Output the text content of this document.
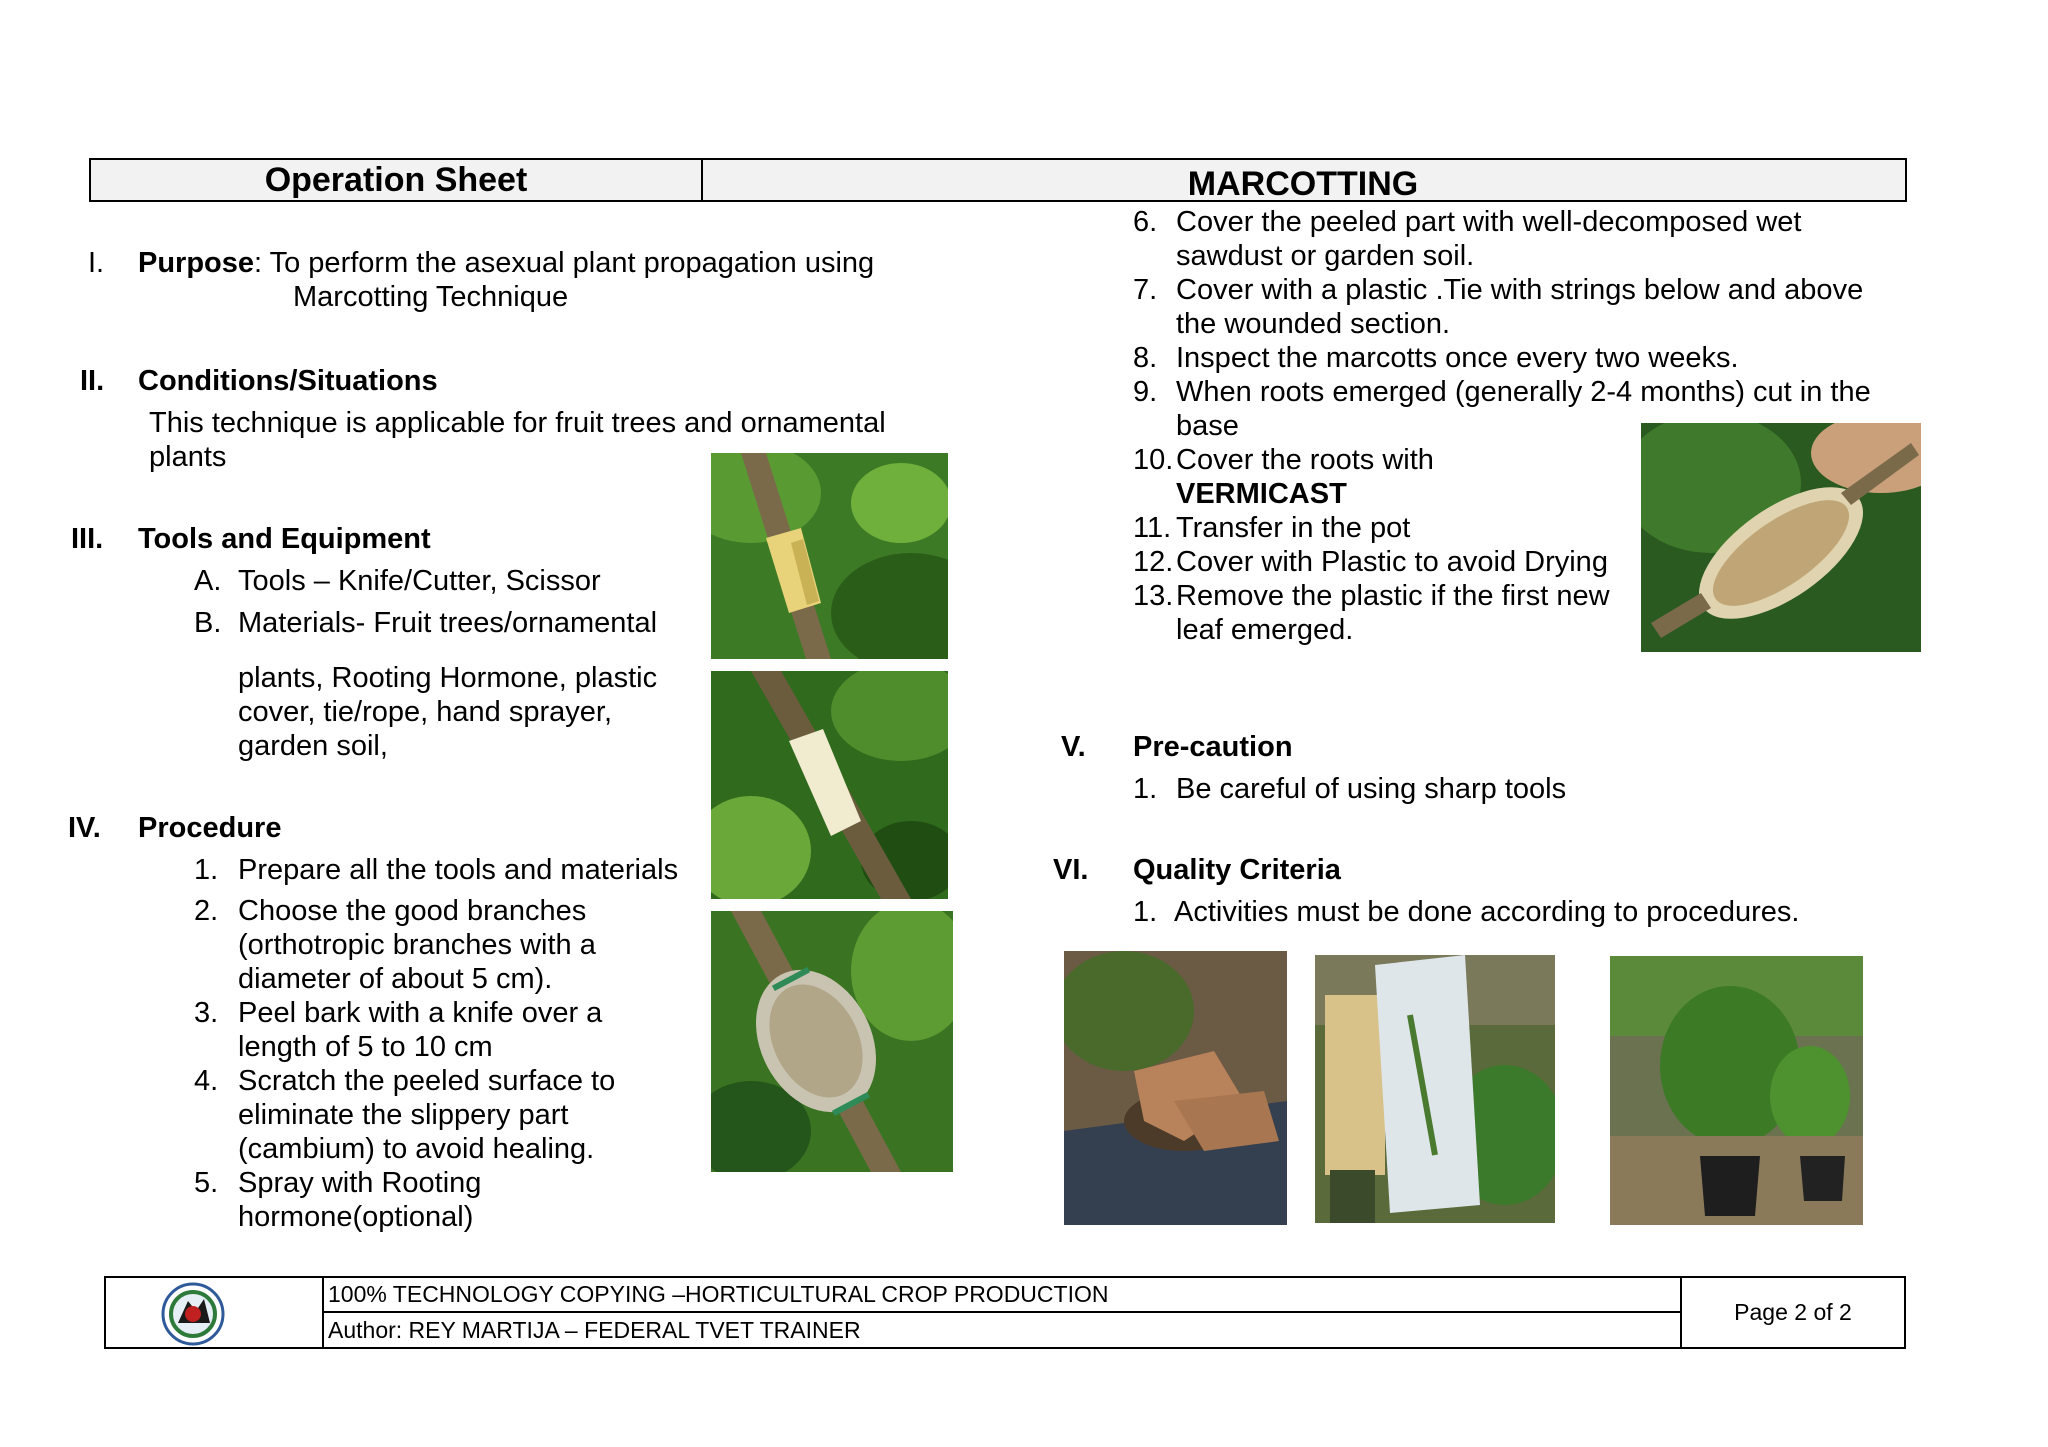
Operation Sheet	MARCOTTING
I. Purpose: To perform the asexual plant propagation using
Marcotting Technique
II. Conditions/Situations
This technique is applicable for fruit trees and ornamental
plants
III. Tools and Equipment
A. Tools – Knife/Cutter, Scissor
B. Materials- Fruit trees/ornamental
plants, Rooting Hormone, plastic
cover, tie/rope, hand sprayer,
garden soil,
IV. Procedure
1. Prepare all the tools and materials
2. Choose the good branches
(orthotropic branches with a
diameter of about 5 cm).
3. Peel bark with a knife over a
length of 5 to 10 cm
4. Scratch the peeled surface to
eliminate the slippery part
(cambium) to avoid healing.
5. Spray with Rooting
hormone(optional)
6. Cover the peeled part with well-decomposed wet
sawdust or garden soil.
7. Cover with a plastic .Tie with strings below and above
the wounded section.
8. Inspect the marcotts once every two weeks.
9. When roots emerged (generally 2-4 months) cut in the
base
10. Cover the roots with
VERMICAST
11. Transfer in the pot
12. Cover with Plastic to avoid Drying
13. Remove the plastic if the first new
leaf emerged.
V. Pre-caution
1. Be careful of using sharp tools
VI. Quality Criteria
1. Activities must be done according to procedures.
100% TECHNOLOGY COPYING –HORTICULTURAL CROP PRODUCTION
Author: REY MARTIJA – FEDERAL TVET TRAINER
Page 2 of 2
